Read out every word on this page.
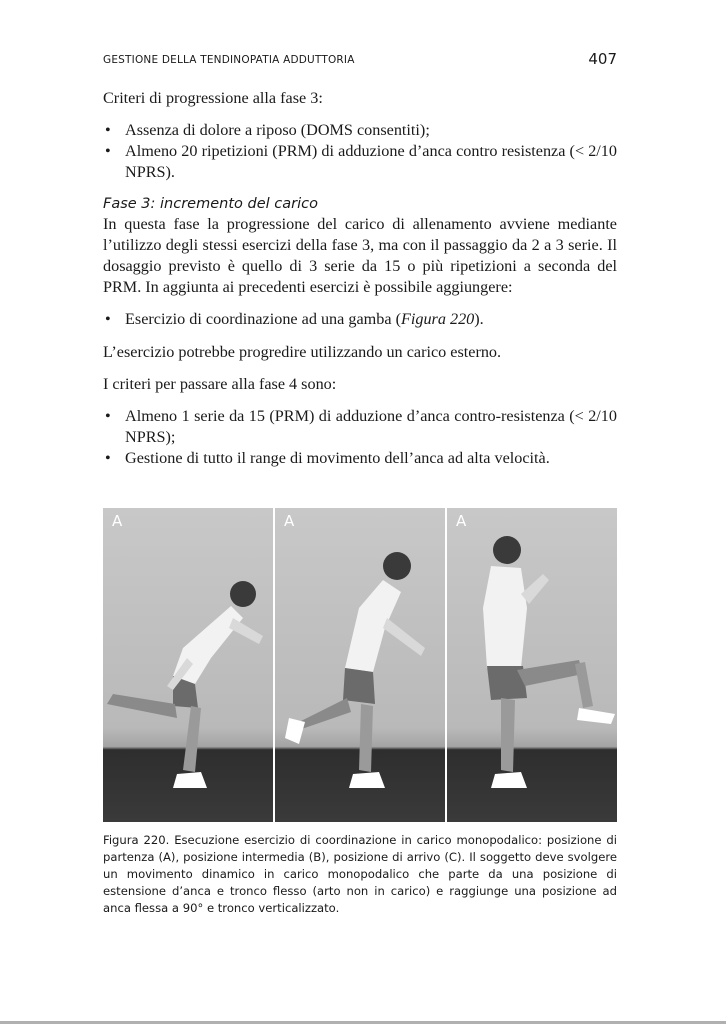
GESTIONE DELLA TENDINOPATIA ADDUTTORIA	407

Criteri di progressione alla fase 3:

• Assenza di dolore a riposo (DOMS consentiti);
• Almeno 20 ripetizioni (PRM) di adduzione d’anca contro resistenza (< 2/10 NPRS).
Fase 3: incremento del carico

In questa fase la progressione del carico di allenamento avviene mediante l’utilizzo degli stessi esercizi della fase 3, ma con il passaggio da 2 a 3 serie. Il dosaggio previsto è quello di 3 serie da 15 o più ripetizioni a seconda del PRM. In aggiunta ai precedenti esercizi è possibile aggiungere:

• Esercizio di coordinazione ad una gamba (Figura 220).

L’esercizio potrebbe progredire utilizzando un carico esterno.

I criteri per passare alla fase 4 sono:

• Almeno 1 serie da 15 (PRM) di adduzione d’anca contro-resistenza (< 2/10 NPRS);
• Gestione di tutto il range di movimento dell’anca ad alta velocità.
A	A	A
Figura 220. Esecuzione esercizio di coordinazione in carico monopodalico: posizione di partenza (A), posizione intermedia (B), posizione di arrivo (C). Il soggetto deve svolgere un movimento dinamico in carico monopodalico che parte da una posizione di estensione d’anca e tronco flesso (arto non in carico) e raggiunge una posizione ad anca flessa a 90° e tronco verticalizzato.
